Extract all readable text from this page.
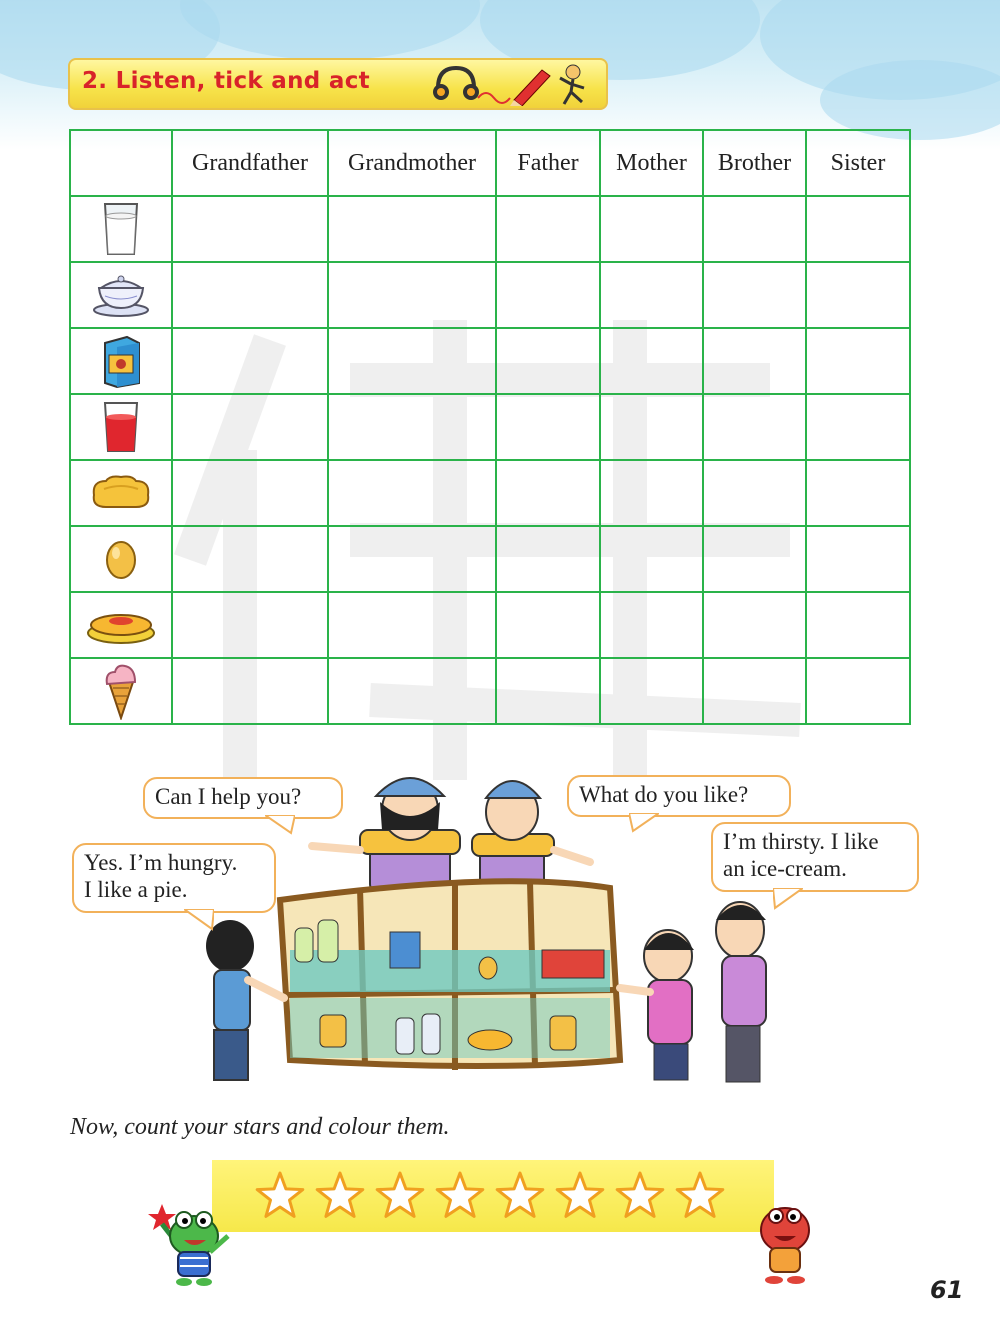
2. Listen, tick and act
	Grandfather	Grandmother	Father	Mother	Brother	Sister

Can I help you?	What do you like?
Yes. I’m hungry.
I like a pie.
I’m thirsty. I like
an ice-cream.
Now, count your stars and colour them.
61
